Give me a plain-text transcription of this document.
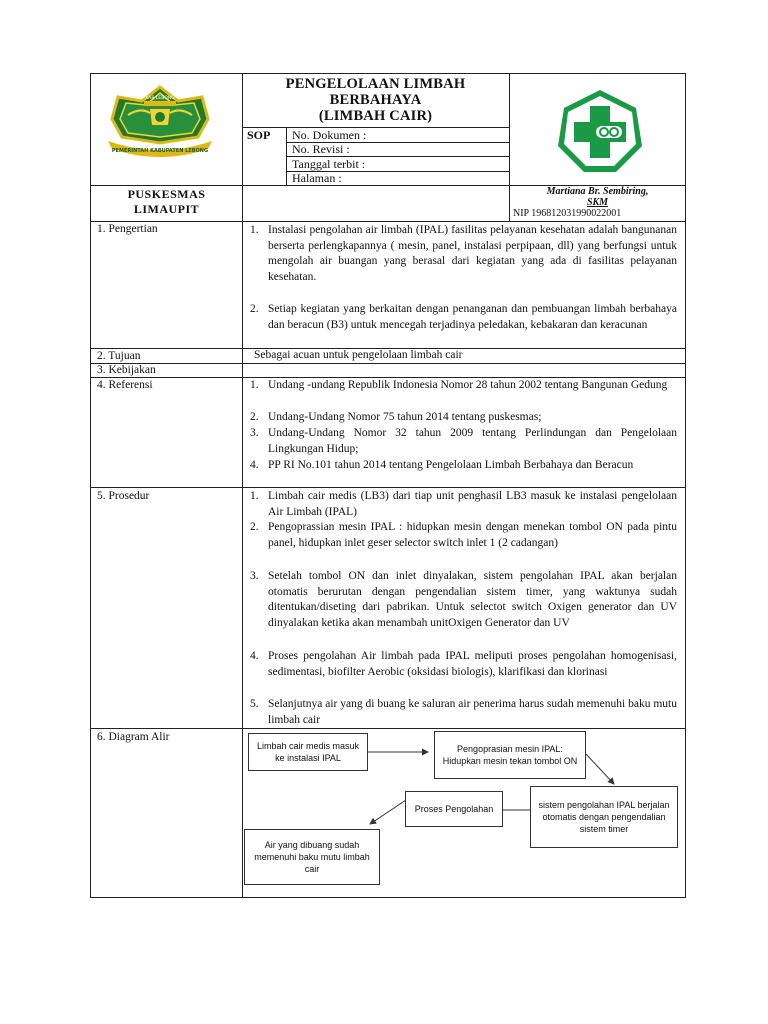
PEMERINTAH KABUPATEN LEBONG
KAB LEBONG
PENGELOLAAN LIMBAH
BERBAHAYA
(LIMBAH CAIR)
SOP No. Dokumen :
No. Revisi :
Tanggal terbit :
Halaman :
PUSKESMAS
LIMAUPIT
Martiana Br. Sembiring,
SKM
NIP 196812031990022001
1. Pengertian
2. Tujuan
3. Kebijakan
4. Referensi
5. Prosedur
6. Diagram Alir
1. Instalasi pengolahan air limbah (IPAL) fasilitas pelayanan kesehatan adalah bangunanan berserta perlengkapannya ( mesin, panel, instalasi perpipaan, dll) yang berfungsi untuk mengolah air buangan yang berasal dari kegiatan yang ada di fasilitas pelayanan kesehatan.
2. Setiap kegiatan yang berkaitan dengan penanganan dan pembuangan limbah berbahaya dan beracun (B3) untuk mencegah terjadinya peledakan, kebakaran dan keracunan
Sebagai acuan untuk pengelolaan limbah cair
1. Undang -undang Republik Indonesia Nomor 28 tahun 2002 tentang Bangunan Gedung
2. Undang-Undang Nomor 75 tahun 2014 tentang puskesmas;
3. Undang-Undang Nomor 32 tahun 2009 tentang Perlindungan dan Pengelolaan Lingkungan Hidup;
4. PP RI No.101 tahun 2014 tentang Pengelolaan Limbah Berbahaya dan Beracun
1. Limbah cair medis (LB3) dari tiap unit penghasil LB3 masuk ke instalasi pengelolaan Air Limbah (IPAL)
2. Pengoprassian mesin IPAL : hidupkan mesin dengan menekan tombol ON pada pintu panel, hidupkan inlet geser selector switch inlet 1 (2 cadangan)
3. Setelah tombol ON dan inlet dinyalakan, sistem pengolahan IPAL akan berjalan otomatis berurutan dengan pengendalian sistem timer, yang waktunya sudah ditentukan/diseting dari pabrikan. Untuk selectot switch Oxigen generator dan UV dinyalakan ketika akan menambah unitOxigen Generator dan UV
4. Proses pengolahan Air limbah pada IPAL meliputi proses pengolahan homogenisasi, sedimentasi, biofilter Aerobic (oksidasi biologis), klarifikasi dan klorinasi
5. Selanjutnya air yang di buang ke saluran air penerima harus sudah memenuhi baku mutu limbah cair
Limbah cair medis masuk ke instalasi IPAL
Pengoprasian mesin IPAL: Hidupkan mesin tekan tombol ON
sistem pengolahan IPAL berjalan otomatis dengan pengendalian sistem timer
Proses Pengolahan
Air yang dibuang sudah memenuhi baku mutu limbah cair
